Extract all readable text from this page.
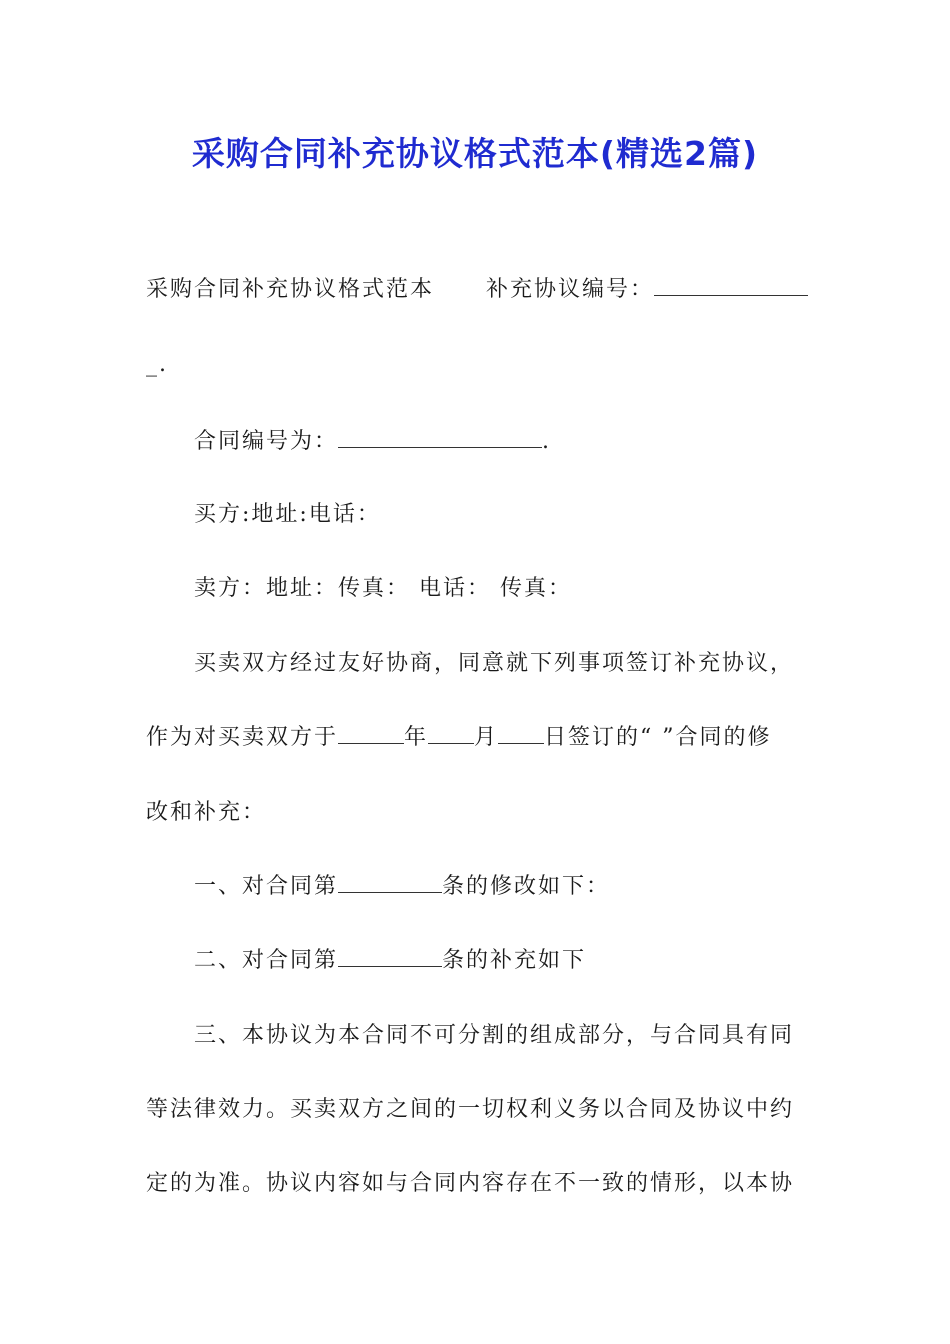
采购合同补充协议格式范本(精选2篇)
采购合同补充协议格式范本 补充协议编号：
_.
合同编号为：	.
买方:地址:电话：
卖方：地址：传真： 电话： 传真：
买卖双方经过友好协商，同意就下列事项签订补充协议，
作为对买卖双方于	年 月 日签订的“ ”合同的修
改和补充：
一、对合同第	条的修改如下：
二、对合同第	条的补充如下
三、本协议为本合同不可分割的组成部分，与合同具有同
等法律效力。买卖双方之间的一切权利义务以合同及协议中约
定的为准。协议内容如与合同内容存在不一致的情形，以本协
